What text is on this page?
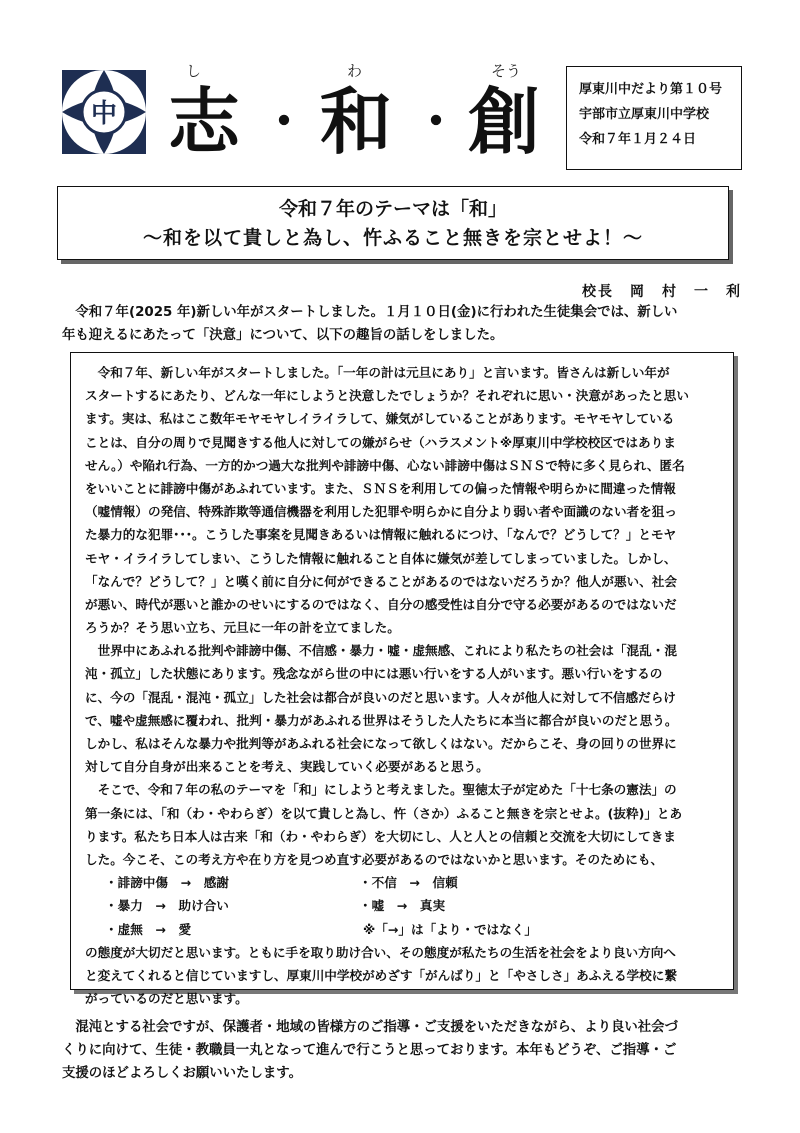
中
し	わ	そう
志 ・ 和 ・ 創	厚東川中だより第１０号
宇部市立厚東川中学校
令和７年１月２４日
令和７年のテーマは「和」
～和を以て貴しと為し、忤ふること無きを宗とせよ！～
校長　岡　村　一　利
　令和７年(2025 年)新しい年がスタートしました。１月１０日(金)に行われた生徒集会では、新しい
年も迎えるにあたって「決意」について、以下の趣旨の話しをしました。
　令和７年、新しい年がスタートしました。「一年の計は元旦にあり」と言います。皆さんは新しい年が
スタートするにあたり、どんな一年にしようと決意したでしょうか？それぞれに思い・決意があったと思い
ます。実は、私はここ数年モヤモヤしイライラして、嫌気がしていることがあります。モヤモヤしている
ことは、自分の周りで見聞きする他人に対しての嫌がらせ（ハラスメント※厚東川中学校校区ではありま
せん。）や陥れ行為、一方的かつ過大な批判や誹謗中傷、心ない誹謗中傷はＳＮＳで特に多く見られ、匿名
をいいことに誹謗中傷があふれています。また、ＳＮＳを利用しての偏った情報や明らかに間違った情報
（嘘情報）の発信、特殊詐欺等通信機器を利用した犯罪や明らかに自分より弱い者や面識のない者を狙っ
た暴力的な犯罪･･･。こうした事案を見聞きあるいは情報に触れるにつけ、「なんで？どうして？」とモヤ
モヤ・イライラしてしまい、こうした情報に触れること自体に嫌気が差してしまっていました。しかし、
「なんで？どうして？」と嘆く前に自分に何ができることがあるのではないだろうか？他人が悪い、社会
が悪い、時代が悪いと誰かのせいにするのではなく、自分の感受性は自分で守る必要があるのではないだ
ろうか？そう思い立ち、元旦に一年の計を立てました。
　世界中にあふれる批判や誹謗中傷、不信感・暴力・嘘・虚無感、これにより私たちの社会は「混乱・混
沌・孤立」した状態にあります。残念ながら世の中には悪い行いをする人がいます。悪い行いをするの
に、今の「混乱・混沌・孤立」した社会は都合が良いのだと思います。人々が他人に対して不信感だらけ
で、嘘や虚無感に覆われ、批判・暴力があふれる世界はそうした人たちに本当に都合が良いのだと思う。
しかし、私はそんな暴力や批判等があふれる社会になって欲しくはない。だからこそ、身の回りの世界に
対して自分自身が出来ることを考え、実践していく必要があると思う。
　そこで、令和７年の私のテーマを「和」にしようと考えました。聖徳太子が定めた「十七条の憲法」の
第一条には、「和（わ・やわらぎ）を以て貴しと為し、忤（さか）ふること無きを宗とせよ。(抜粋)」とあ
ります。私たち日本人は古来「和（わ・やわらぎ）を大切にし、人と人との信頼と交流を大切にしてきま
した。今こそ、この考え方や在り方を見つめ直す必要があるのではないかと思います。そのためにも、
・誹謗中傷　→　感謝	・不信　→　信頼
・暴力　→　助け合い	・嘘　→　真実
・虚無　→　愛	※「→」は「より・ではなく」
の態度が大切だと思います。ともに手を取り助け合い、その態度が私たちの生活を社会をより良い方向へ
と変えてくれると信じていますし、厚東川中学校がめざす「がんばり」と「やさしさ」あふえる学校に繋
がっているのだと思います。
　混沌とする社会ですが、保護者・地域の皆様方のご指導・ご支援をいただきながら、より良い社会づ
くりに向けて、生徒・教職員一丸となって進んで行こうと思っております。本年もどうぞ、ご指導・ご
支援のほどよろしくお願いいたします。
